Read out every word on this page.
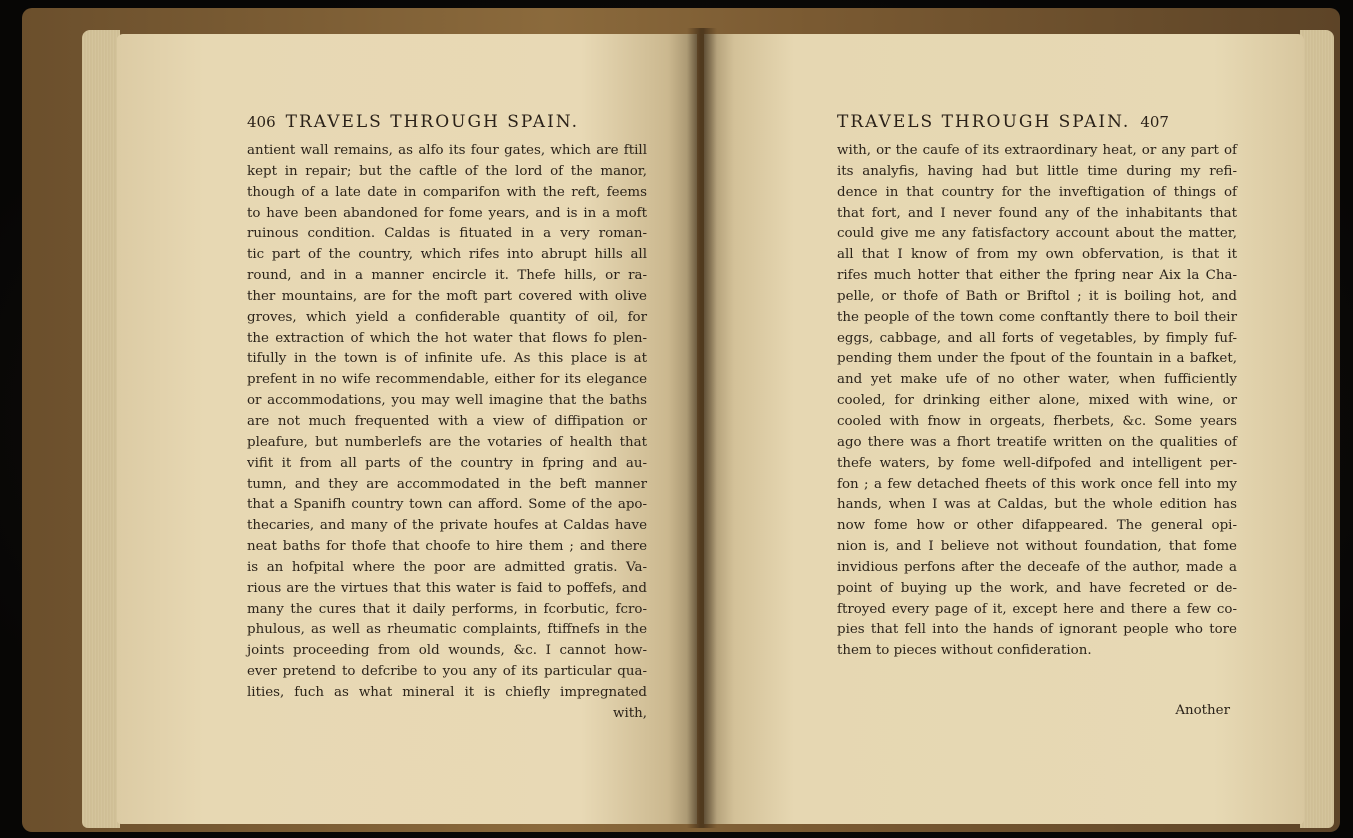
406 TRAVELS THROUGH SPAIN.
antient wall remains, as alfo its four gates, which are ftill
kept in repair; but the caftle of the lord of the manor,
though of a late date in comparifon with the reft, feems
to have been abandoned for fome years, and is in a moft
ruinous condition. Caldas is fituated in a very roman-
tic part of the country, which rifes into abrupt hills all
round, and in a manner encircle it. Thefe hills, or ra-
ther mountains, are for the moft part covered with olive
groves, which yield a confiderable quantity of oil, for
the extraction of which the hot water that flows fo plen-
tifully in the town is of infinite ufe. As this place is at
prefent in no wife recommendable, either for its elegance
or accommodations, you may well imagine that the baths
are not much frequented with a view of diffipation or
pleafure, but numberlefs are the votaries of health that
vifit it from all parts of the country in fpring and au-
tumn, and they are accommodated in the beft manner
that a Spanifh country town can afford. Some of the apo-
thecaries, and many of the private houfes at Caldas have
neat baths for thofe that choofe to hire them ; and there
is an hofpital where the poor are admitted gratis. Va-
rious are the virtues that this water is faid to poffefs, and
many the cures that it daily performs, in fcorbutic, fcro-
phulous, as well as rheumatic complaints, ftiffnefs in the
joints proceeding from old wounds, &c. I cannot how-
ever pretend to defcribe to you any of its particular qua-
lities, fuch as what mineral it is chiefly impregnated
with,
TRAVELS THROUGH SPAIN. 407
with, or the caufe of its extraordinary heat, or any part of
its analyfis, having had but little time during my refi-
dence in that country for the inveftigation of things of
that fort, and I never found any of the inhabitants that
could give me any fatisfactory account about the matter,
all that I know of from my own obfervation, is that it
rifes much hotter that either the fpring near Aix la Cha-
pelle, or thofe of Bath or Briftol ; it is boiling hot, and
the people of the town come conftantly there to boil their
eggs, cabbage, and all forts of vegetables, by fimply fuf-
pending them under the fpout of the fountain in a bafket,
and yet make ufe of no other water, when fufficiently
cooled, for drinking either alone, mixed with wine, or
cooled with fnow in orgeats, fherbets, &c. Some years
ago there was a fhort treatife written on the qualities of
thefe waters, by fome well-difpofed and intelligent per-
fon ; a few detached fheets of this work once fell into my
hands, when I was at Caldas, but the whole edition has
now fome how or other difappeared. The general opi-
nion is, and I believe not without foundation, that fome
invidious perfons after the deceafe of the author, made a
point of buying up the work, and have fecreted or de-
ftroyed every page of it, except here and there a few co-
pies that fell into the hands of ignorant people who tore
them to pieces without confideration.
Another
